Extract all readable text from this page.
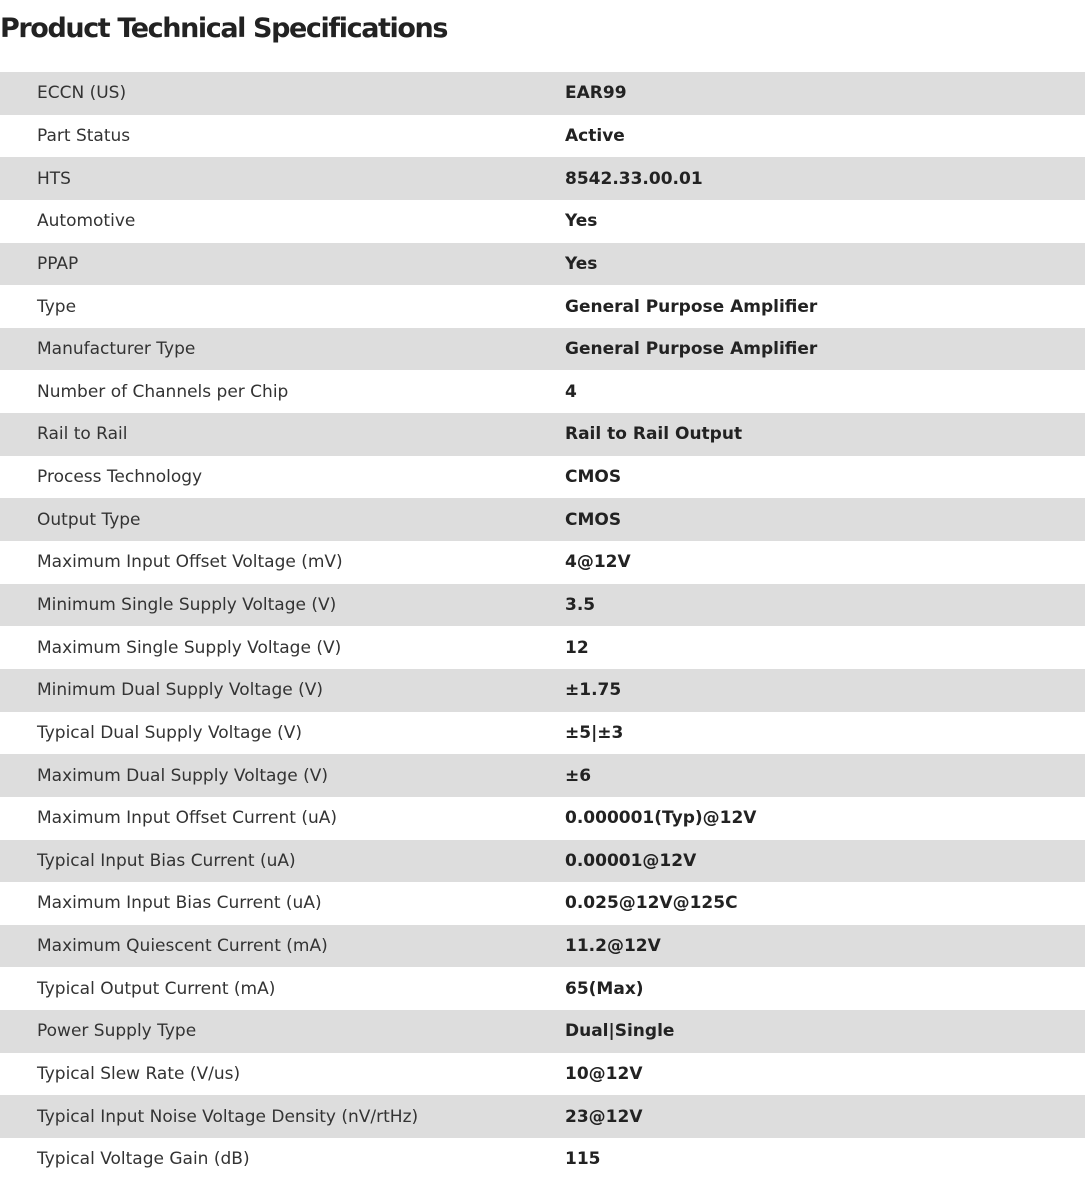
Product Technical Specifications
ECCN (US)	EAR99
Part Status	Active
HTS	8542.33.00.01
Automotive	Yes
PPAP	Yes
Type	General Purpose Amplifier
Manufacturer Type	General Purpose Amplifier
Number of Channels per Chip	4
Rail to Rail	Rail to Rail Output
Process Technology	CMOS
Output Type	CMOS
Maximum Input Offset Voltage (mV)	4@12V
Minimum Single Supply Voltage (V)	3.5
Maximum Single Supply Voltage (V)	12
Minimum Dual Supply Voltage (V)	±1.75
Typical Dual Supply Voltage (V)	±5|±3
Maximum Dual Supply Voltage (V)	±6
Maximum Input Offset Current (uA)	0.000001(Typ)@12V
Typical Input Bias Current (uA)	0.00001@12V
Maximum Input Bias Current (uA)	0.025@12V@125C
Maximum Quiescent Current (mA)	11.2@12V
Typical Output Current (mA)	65(Max)
Power Supply Type	Dual|Single
Typical Slew Rate (V/us)	10@12V
Typical Input Noise Voltage Density (nV/rtHz)	23@12V
Typical Voltage Gain (dB)	115
